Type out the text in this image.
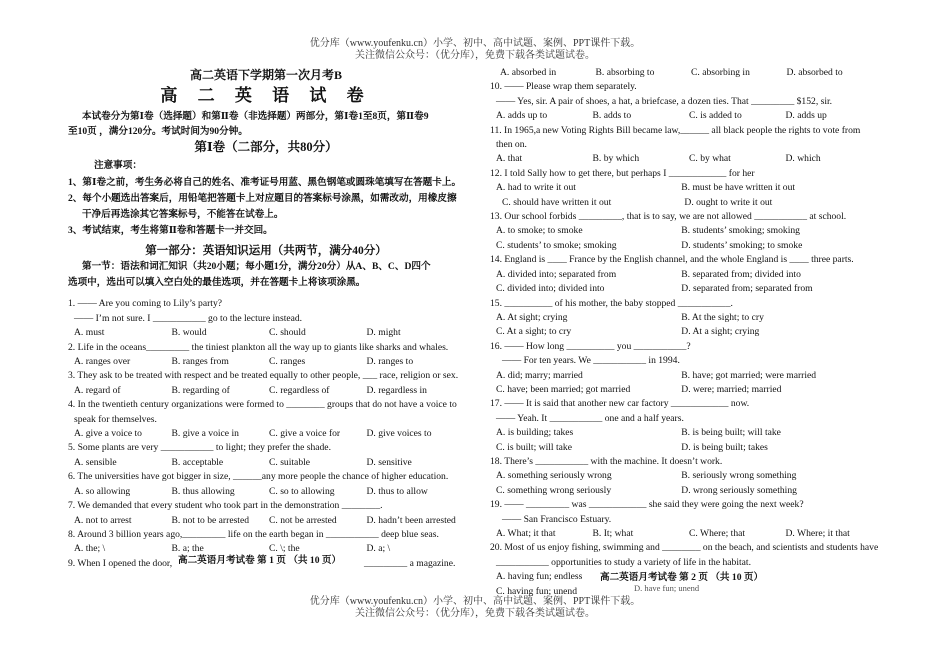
优分库（www.youfenku.cn）小学、初中、高中试题、案例、PPT课件下载。
关注微信公众号：（优分库），免费下载各类试题试卷。
高二英语下学期第一次月考B
高 二 英 语 试 卷
本试卷分为第Ⅰ卷（选择题）和第Ⅱ卷（非选择题）两部分，第Ⅰ卷1至8页，第Ⅱ卷9
至10页 ，满分120分。考试时间为90分钟。
第Ⅰ卷（二部分，共80分）
注意事项：
1、第Ⅰ卷之前，考生务必将自己的姓名、准考证号用蓝、黑色钢笔或圆珠笔填写在答题卡上。
2、每个小题选出答案后，用铅笔把答题卡上对应题目的答案标号涂黑，如需改动，用橡皮擦
干净后再选涂其它答案标号，不能答在试卷上。
3、考试结束，考生将第Ⅱ卷和答题卡一并交回。
第一部分：英语知识运用（共两节，满分40分）
第一节：语法和词汇知识（共20小题；每小题1分，满分20分）从A、B、C、D四个
选项中，选出可以填入空白处的最佳选项，并在答题卡上将该项涂黑。
1. —— Are you coming to Lily’s party?
—— I’m not sure. I ___________ go to the lecture instead.
A. must	B. would	C. should	D. might
2. Life in the oceans_________ the tiniest plankton all the way up to giants like sharks and whales.
A. ranges over	B. ranges from	C. ranges	D. ranges to
3. They ask to be treated with respect and be treated equally to other people, ___ race, religion or sex.
A. regard of	B. regarding of	C. regardless of	D. regardless in
4. In the twentieth century organizations were formed to ________ groups that do not have a voice to
speak for themselves.
A. give a voice to	B. give a voice in	C. give a voice for	D. give voices to
5. Some plants are very ___________ to light; they prefer the shade.
A. sensible	B. acceptable	C. suitable	D. sensitive
6. The universities have got bigger in size, ______any more people the chance of higher education.
A. so allowing	B. thus allowing	C. so to allowing	D. thus to allow
7. We demanded that every student who took part in the demonstration ________.
A. not to arrest	B. not to be arrested	C. not be arrested	D. hadn’t been arrested
8. Around 3 billion years ago,_________ life on the earth began in ___________ deep blue seas.
A. the; \	B. a; the	C. \; the	D. a; \
9. When I opened the door, 高二英语月考试卷 第 1 页 （共 10 页） _________ a magazine.
A. absorbed in	B. absorbing to	C. absorbing in	D. absorbed to
10. —— Please wrap them separately.
—— Yes, sir. A pair of shoes, a hat, a briefcase, a dozen ties. That _________ $152, sir.
A. adds up to	B. adds to	C. is added to	D. adds up
11. In 1965,a new Voting Rights Bill became law,______ all black people the rights to vote from
then on.
A. that	B. by which	C. by what	D. which
12. I told Sally how to get there, but perhaps I ____________ for her
A. had to write it out	B. must be have written it out
C. should have written it out	D. ought to write it out
13. Our school forbids _________, that is to say, we are not allowed ___________ at school.
A. to smoke; to smoke	B. students’ smoking; smoking
C. students’ to smoke; smoking	D. students’ smoking; to smoke
14. England is ____ France by the English channel, and the whole England is ____ three parts.
A. divided into; separated from	B. separated from; divided into
C. divided into; divided into	D. separated from; separated from
15. __________ of his mother, the baby stopped ___________.
A. At sight; crying	B. At the sight; to cry
C. At a sight; to cry	D. At a sight; crying
16. —— How long __________ you ___________?
—— For ten years. We ___________ in 1994.
A. did; marry; married	B. have; got married; were married
C. have; been married; got married	D. were; married; married
17. —— It is said that another new car factory ____________ now.
—— Yeah. It ___________ one and a half years.
A. is building; takes	B. is being built; will take
C. is built; will take	D. is being built; takes
18. There’s ___________ with the machine. It doesn’t work.
A. something seriously wrong	B. seriously wrong something
C. something wrong seriously	D. wrong seriously something
19. —— _________ was ____________ she said they were going the next week?
—— San Francisco Estuary.
A. What; it that	B. It; what	C. Where; that	D. Where; it that
20. Most of us enjoy fishing, swimming and ________ on the beach, and scientists and students have
___________ opportunities to study a variety of life in the habitat.
A. having fun; endless 高二英语月考试卷 第 2 页 （共 10 页）
C. having fun; unend	D. have fun; unend
优分库（www.youfenku.cn）小学、初中、高中试题、案例、PPT课件下载。
关注微信公众号：（优分库），免费下载各类试题试卷。
